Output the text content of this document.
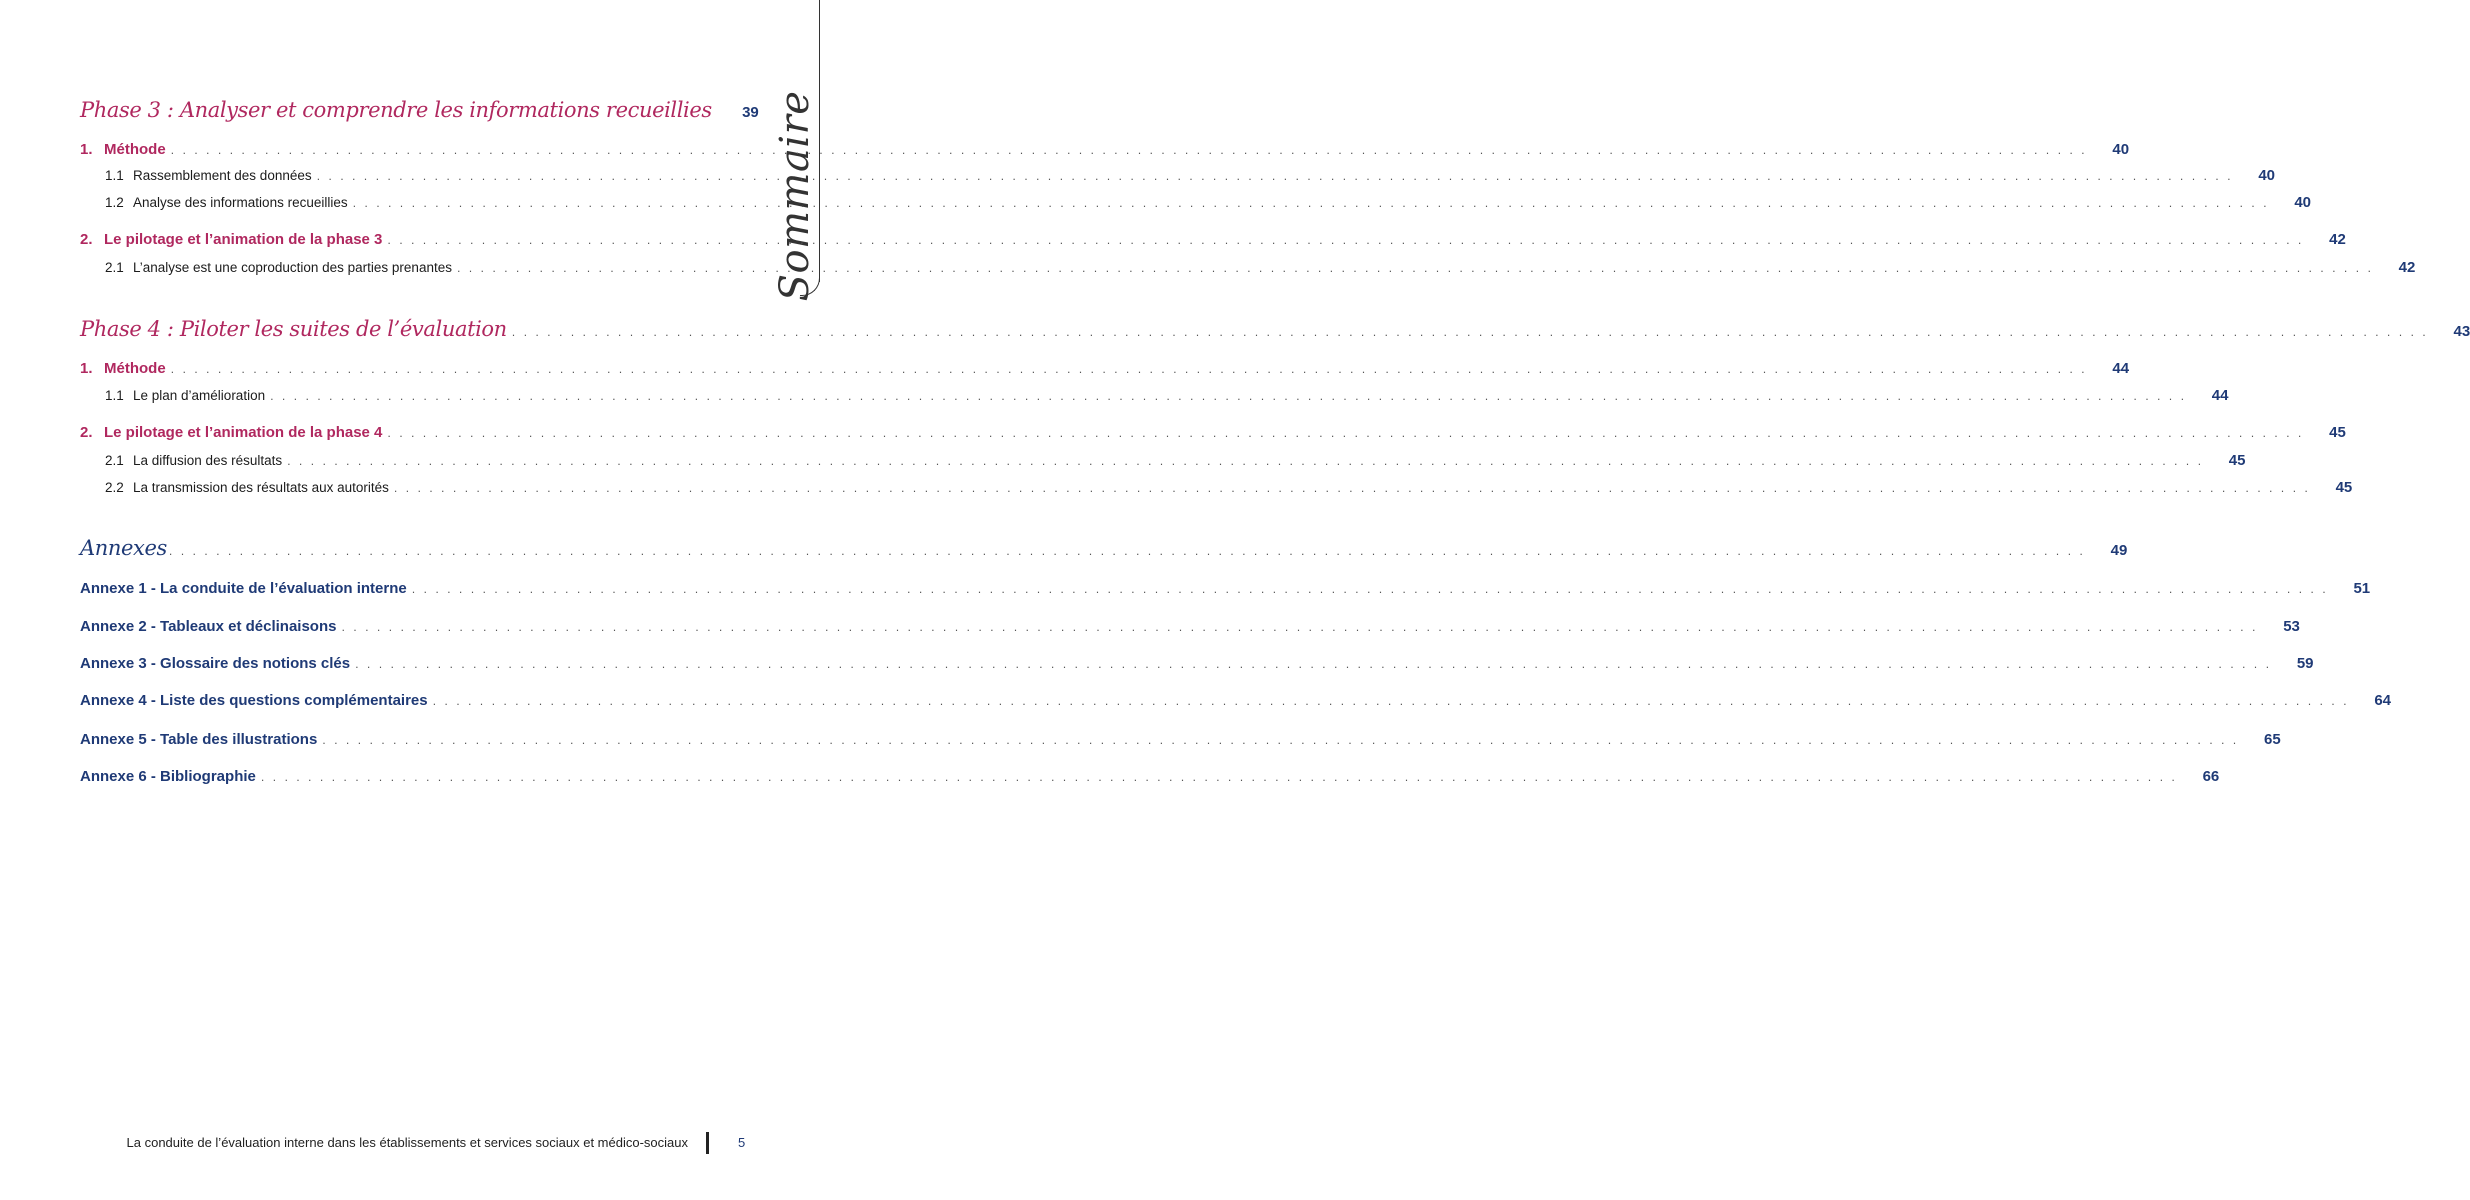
Sommaire
Phase 3 : Analyser et comprendre les informations recueillies	39
1. Méthode . . .	40
1.1 Rassemblement des données . . .	40
1.2 Analyse des informations recueillies . . .	40
2. Le pilotage et l’animation de la phase 3 . . .	42
2.1 L’analyse est une coproduction des parties prenantes . . .	42
Phase 4 : Piloter les suites de l’évaluation . . .	43
1. Méthode . . .	44
1.1 Le plan d’amélioration . . .	44
2. Le pilotage et l’animation de la phase 4 . . .	45
2.1 La diffusion des résultats . . .	45
2.2 La transmission des résultats aux autorités . . .	45
Annexes . . .	49
Annexe 1 - La conduite de l’évaluation interne . . .	51
Annexe 2 - Tableaux et déclinaisons . . .	53
Annexe 3 - Glossaire des notions clés . . .	59
Annexe 4 - Liste des questions complémentaires . . .	64
Annexe 5 - Table des illustrations . . .	65
Annexe 6 - Bibliographie . . .	66
La conduite de l’évaluation interne dans les établissements et services sociaux et médico-sociaux	5
